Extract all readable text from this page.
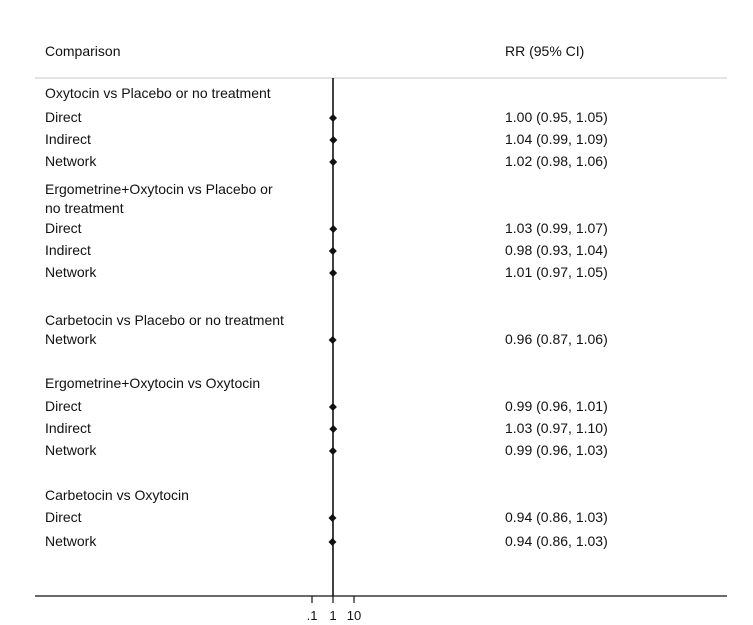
Comparison	RR (95% CI)
Oxytocin vs Placebo or no treatment
Direct	1.00 (0.95, 1.05)
Indirect	1.04 (0.99, 1.09)
Network	1.02 (0.98, 1.06)
Ergometrine+Oxytocin vs Placebo or
no treatment
Direct	1.03 (0.99, 1.07)
Indirect	0.98 (0.93, 1.04)
Network	1.01 (0.97, 1.05)
Carbetocin vs Placebo or no treatment
Network	0.96 (0.87, 1.06)
Ergometrine+Oxytocin vs Oxytocin
Direct	0.99 (0.96, 1.01)
Indirect	1.03 (0.97, 1.10)
Network	0.99 (0.96, 1.03)
Carbetocin vs Oxytocin
Direct	0.94 (0.86, 1.03)
Network	0.94 (0.86, 1.03)
.1 1 10
